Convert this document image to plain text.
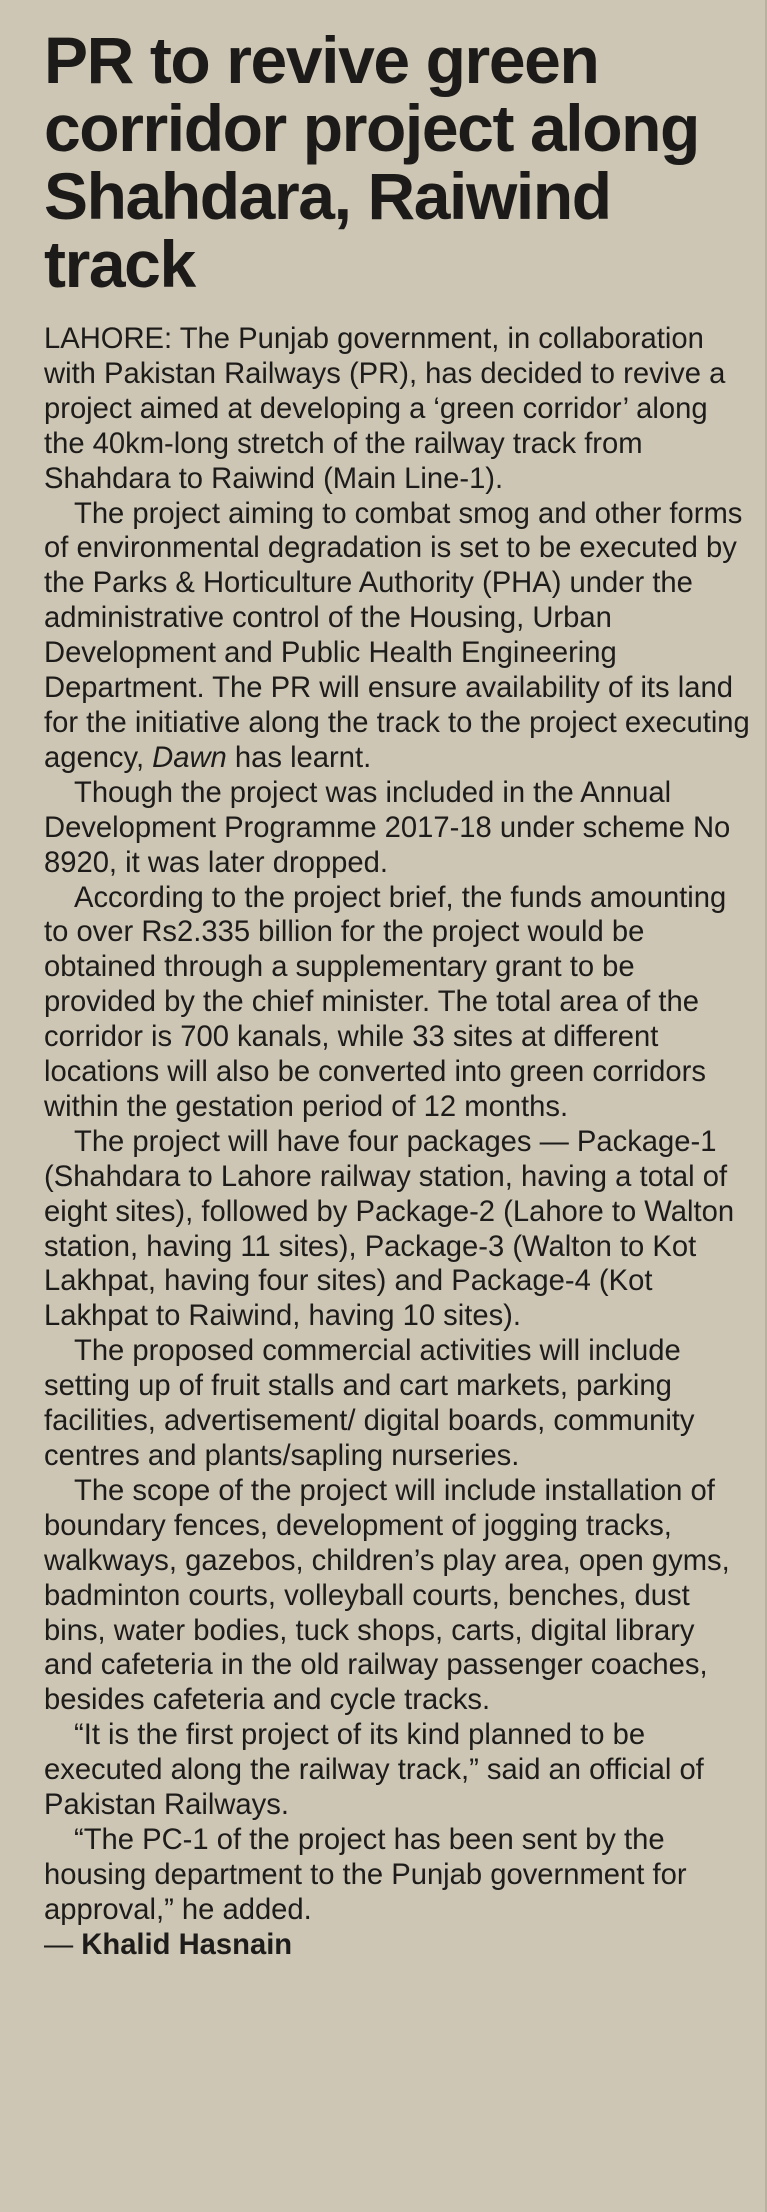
PR to revive green corridor project along Shahdara, Raiwind track

LAHORE: The Punjab government, in collaboration with Pakistan Railways (PR), has decided to revive a project aimed at developing a ‘green corridor’ along the 40km-long stretch of the railway track from Shahdara to Raiwind (Main Line-1).

The project aiming to combat smog and other forms of environmental degradation is set to be executed by the Parks & Horticulture Authority (PHA) under the administrative control of the Housing, Urban Development and Public Health Engineering Department. The PR will ensure availability of its land for the initiative along the track to the project executing agency, Dawn has learnt.

Though the project was included in the Annual Development Programme 2017-18 under scheme No 8920, it was later dropped.

According to the project brief, the funds amounting to over Rs2.335 billion for the project would be obtained through a supplementary grant to be provided by the chief minister. The total area of the corridor is 700 kanals, while 33 sites at different locations will also be converted into green corridors within the gestation period of 12 months.

The project will have four packages — Package-1 (Shahdara to Lahore railway station, having a total of eight sites), followed by Package-2 (Lahore to Walton station, having 11 sites), Package-3 (Walton to Kot Lakhpat, having four sites) and Package-4 (Kot Lakhpat to Raiwind, having 10 sites).

The proposed commercial activities will include setting up of fruit stalls and cart markets, parking facilities, advertisement/ digital boards, community centres and plants/sapling nurseries.

The scope of the project will include installation of boundary fences, development of jogging tracks, walkways, gazebos, children’s play area, open gyms, badminton courts, volleyball courts, benches, dust bins, water bodies, tuck shops, carts, digital library and cafeteria in the old railway passenger coaches, besides cafeteria and cycle tracks.

“It is the first project of its kind planned to be executed along the railway track,” said an official of Pakistan Railways.

“The PC-1 of the project has been sent by the housing department to the Punjab government for approval,” he added.

— Khalid Hasnain
